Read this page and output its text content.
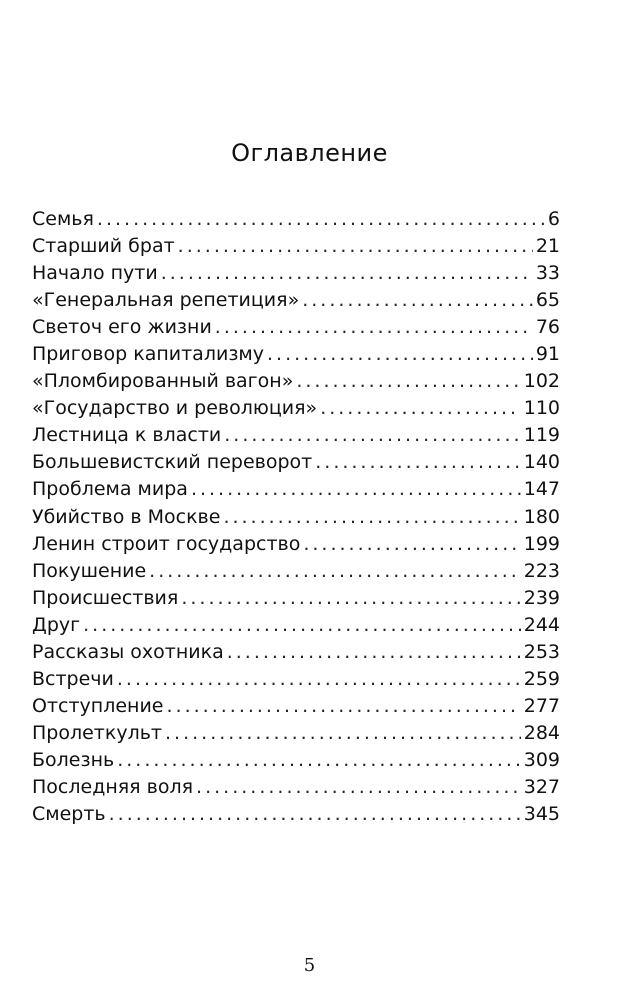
Оглавление
Семья .....	6
Старший брат .....	21
Начало пути .....	33
«Генеральная репетиция» .....	65
Светоч его жизни .....	76
Приговор капитализму .....	91
«Пломбированный вагон» .....	102
«Государство и революция» .....	110
Лестница к власти .....	119
Большевистский переворот .....	140
Проблема мира .....	147
Убийство в Москве .....	180
Ленин строит государство .....	199
Покушение .....	223
Происшествия .....	239
Друг .....	244
Рассказы охотника .....	253
Встречи .....	259
Отступление .....	277
Пролеткульт .....	284
Болезнь .....	309
Последняя воля .....	327
Смерть .....	345
5
